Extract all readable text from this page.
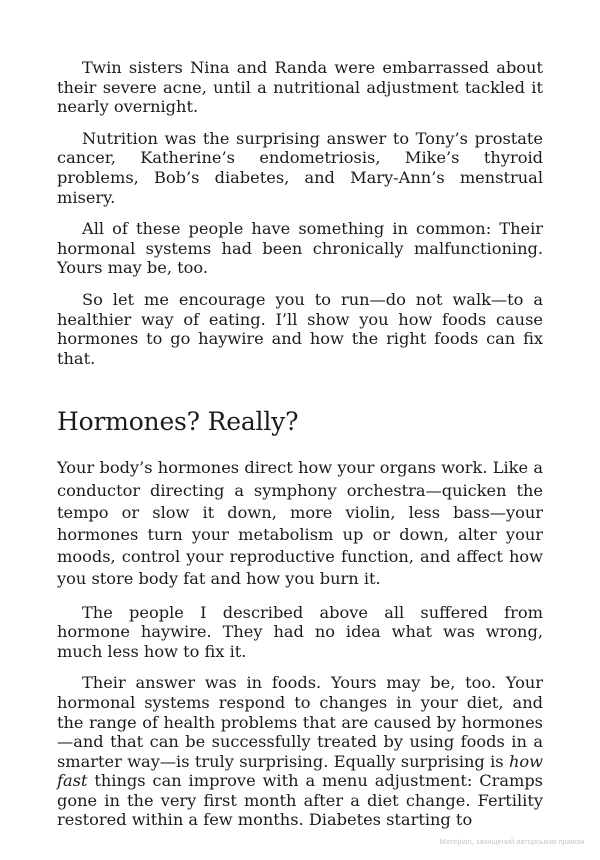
Twin sisters Nina and Randa were embarrassed about their severe acne, until a nutritional adjustment tackled it nearly overnight.

Nutrition was the surprising answer to Tony’s prostate cancer, Katherine’s endometriosis, Mike’s thyroid problems, Bob’s diabetes, and Mary-Ann’s menstrual misery.

All of these people have something in common: Their hormonal systems had been chronically malfunctioning. Yours may be, too.

So let me encourage you to run—do not walk—to a healthier way of eating. I’ll show you how foods cause hormones to go haywire and how the right foods can fix that.

Hormones? Really?

Your body’s hormones direct how your organs work. Like a conductor directing a symphony orchestra—quicken the tempo or slow it down, more violin, less bass—your hormones turn your metabolism up or down, alter your moods, control your reproductive function, and affect how you store body fat and how you burn it.

The people I described above all suffered from hormone haywire. They had no idea what was wrong, much less how to fix it.

Their answer was in foods. Yours may be, too. Your hormonal systems respond to changes in your diet, and the range of health problems that are caused by hormones—and that can be successfully treated by using foods in a smarter way—is truly surprising. Equally surprising is how fast things can improve with a menu adjustment: Cramps gone in the very first month after a diet change. Fertility restored within a few months. Diabetes starting to

Матеріал, захищений авторським правом
